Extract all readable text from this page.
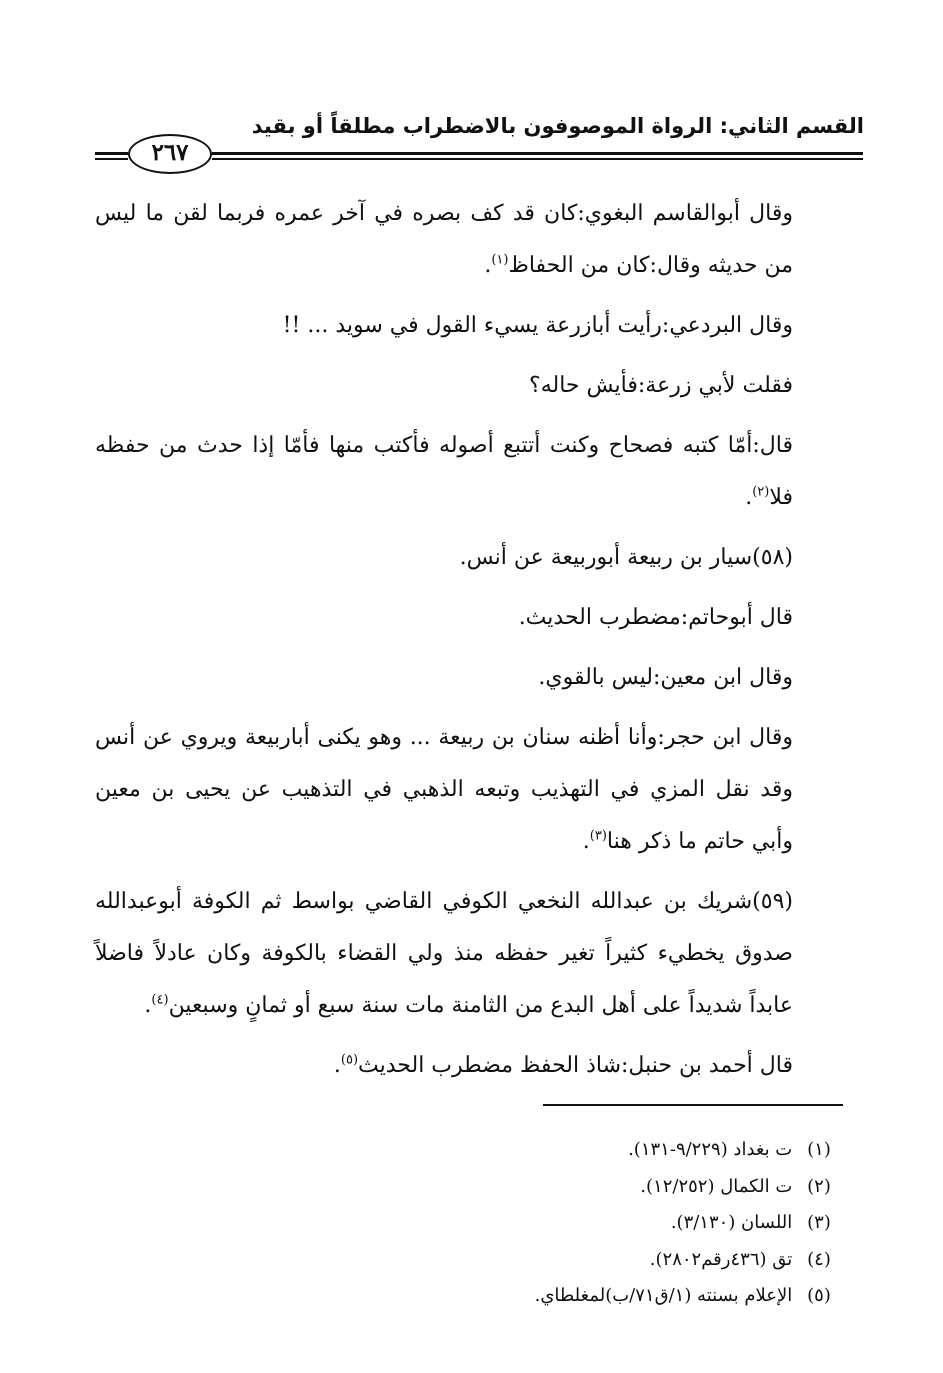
القسم الثاني: الرواة الموصوفون بالاضطراب مطلقاً أو بقيد
٢٦٧

وقال أبوالقاسم البغوي:كان قد كف بصره في آخر عمره فربما لقن ما ليس من حديثه وقال:كان من الحفاظ$^{(١)}$.

وقال البردعي:رأيت أبازرعة يسيء القول في سويد ... !!

فقلت لأبي زرعة:فأيش حاله؟

قال:أمّا كتبه فصحاح وكنت أتتبع أصوله فأكتب منها فأمّا إذا حدث من حفظه فلا$^{(٢)}$.

(٥٨)سيار بن ربيعة أبوربيعة عن أنس.

قال أبوحاتم:مضطرب الحديث.

وقال ابن معين:ليس بالقوي.

وقال ابن حجر:وأنا أظنه سنان بن ربيعة ... وهو يكنى أباربيعة ويروي عن أنس وقد نقل المزي في التهذيب وتبعه الذهبي في التذهيب عن يحيى بن معين وأبي حاتم ما ذكر هنا$^{(٣)}$.

(٥٩)شريك بن عبدالله النخعي الكوفي القاضي بواسط ثم الكوفة أبوعبدالله صدوق يخطيء كثيراً تغير حفظه منذ ولي القضاء بالكوفة وكان عادلاً فاضلاً عابداً شديداً على أهل البدع من الثامنة مات سنة سبع أو ثمانٍ وسبعين$^{(٤)}$.

قال أحمد بن حنبل:شاذ الحفظ مضطرب الحديث$^{(٥)}$.

(١) ت بغداد (٩/٢٢٩-١٣١).
(٢) ت الكمال (١٢/٢٥٢).
(٣) اللسان (٣/١٣٠).
(٤) تق (٤٣٦رقم٢٨٠٢).
(٥) الإعلام بسنته (١/ق٧١/ب)لمغلطاي.
